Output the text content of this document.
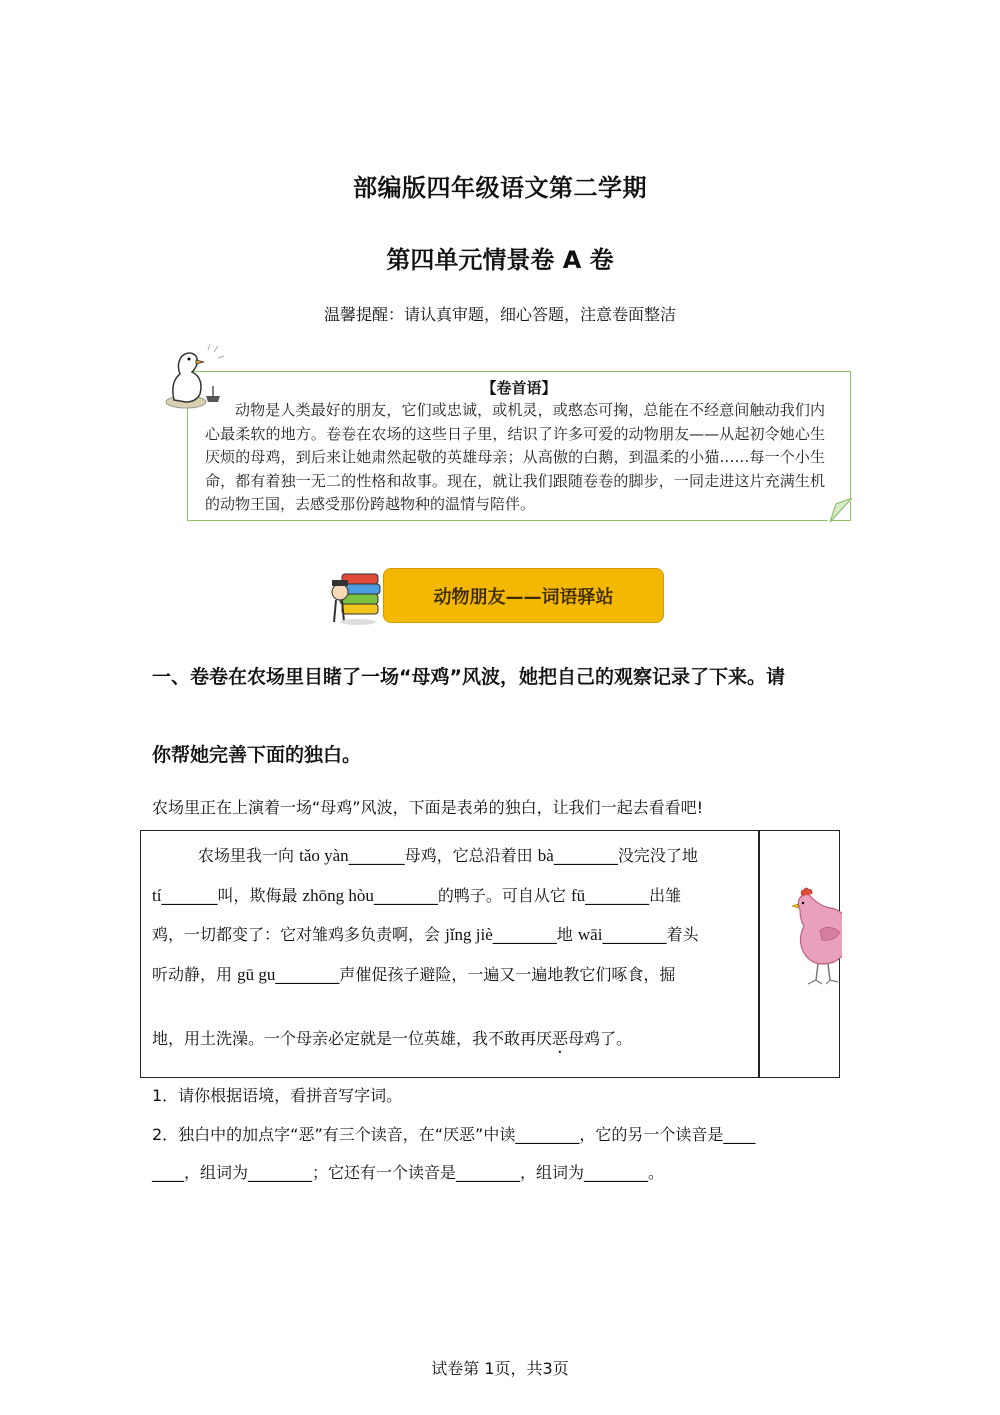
部编版四年级语文第二学期
第四单元情景卷 A 卷
温馨提醒：请认真审题，细心答题，注意卷面整洁
【卷首语】
动物是人类最好的朋友，它们或忠诚，或机灵，或憨态可掬，总能在不经意间触动我们内心最柔软的地方。卷卷在农场的这些日子里，结识了许多可爱的动物朋友——从起初令她心生厌烦的母鸡，到后来让她肃然起敬的英雄母亲；从高傲的白鹅，到温柔的小猫……每一个小生命，都有着独一无二的性格和故事。现在，就让我们跟随卷卷的脚步，一同走进这片充满生机的动物王国，去感受那份跨越物种的温情与陪伴。
动物朋友——词语驿站
一、卷卷在农场里目睹了一场“母鸡”风波，她把自己的观察记录了下来。请
你帮她完善下面的独白。
农场里正在上演着一场“母鸡”风波，下面是表弟的独白，让我们一起去看看吧!
农场里我一向 tǎo yàn_______母鸡，它总沿着田 bà________没完没了地
tí_______叫，欺侮最 zhōng hòu________的鸭子。可自从它 fū________出雏
鸡，一切都变了：它对雏鸡多负责啊，会 jǐng jiè________地 wāi________着头
听动静，用 gū gu________声催促孩子避险，一遍又一遍地教它们啄食，掘
地，用土洗澡。一个母亲必定就是一位英雄，我不敢再厌恶母鸡了。
1．请你根据语境，看拼音写字词。
2．独白中的加点字“恶”有三个读音，在“厌恶”中读________，它的另一个读音是____
____，组词为________；它还有一个读音是________，组词为________。
试卷第 1页，共3页
